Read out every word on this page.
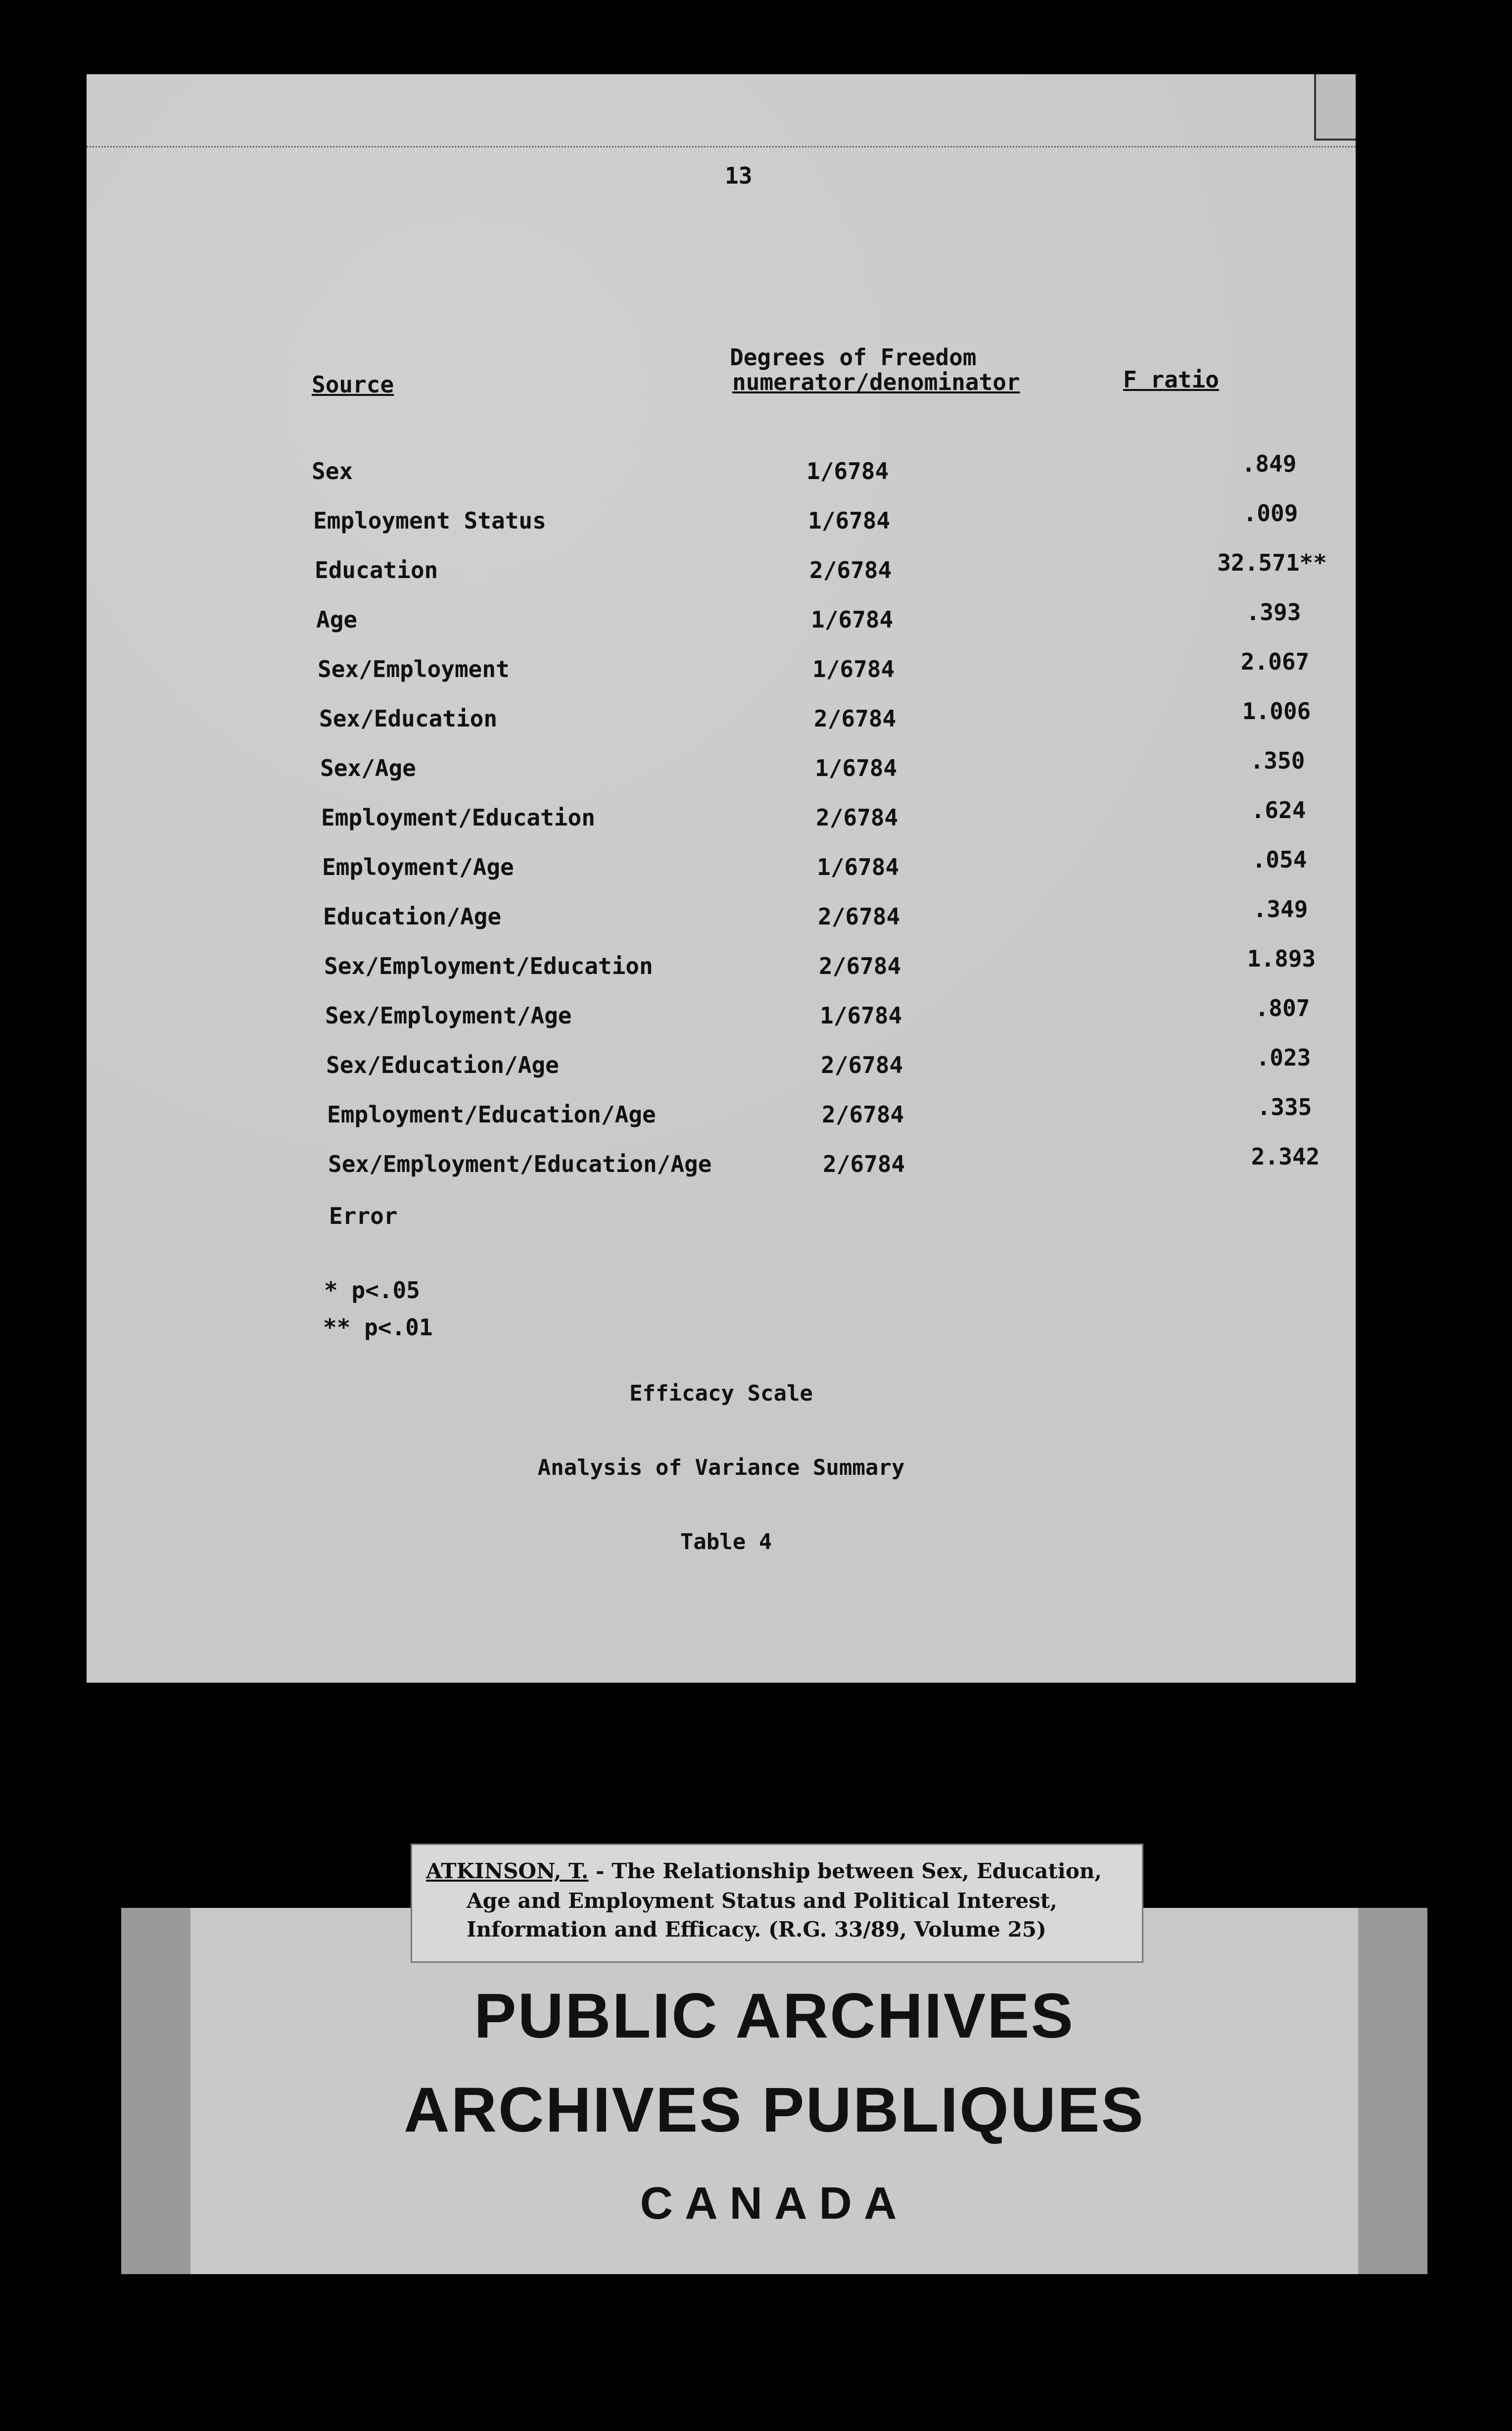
13
Source
Degrees of Freedom
numerator/denominator	F ratio
Sex	1/6784	.849
Employment Status	1/6784	.009
Education	2/6784	32.571**
Age	1/6784	.393
Sex/Employment	1/6784	2.067
Sex/Education	2/6784	1.006
Sex/Age	1/6784	.350
Employment/Education	2/6784	.624
Employment/Age	1/6784	.054
Education/Age	2/6784	.349
Sex/Employment/Education	2/6784	1.893
Sex/Employment/Age	1/6784	.807
Sex/Education/Age	2/6784	.023
Employment/Education/Age	2/6784	.335
Sex/Employment/Education/Age	2/6784	2.342
Error
* p<.05
** p<.01
Efficacy Scale
Analysis of Variance Summary
Table 4
PUBLIC ARCHIVES
ARCHIVES PUBLIQUES
CANADA
ATKINSON, T. - The Relationship between Sex, Education,
Age and Employment Status and Political Interest,
Information and Efficacy. (R.G. 33/89, Volume 25)
